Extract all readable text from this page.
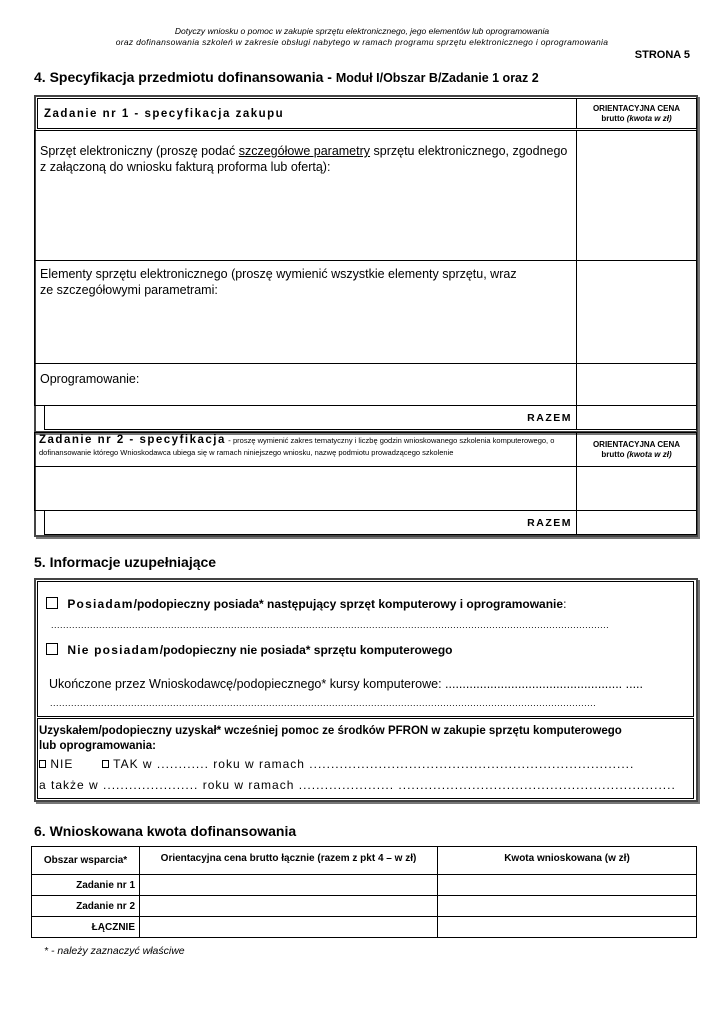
Dotyczy wniosku o pomoc w zakupie sprzętu elektronicznego, jego elementów lub oprogramowania
oraz dofinansowania szkoleń w zakresie obsługi nabytego w ramach programu sprzętu elektronicznego i oprogramowania
STRONA 5
4. Specyfikacja przedmiotu dofinansowania - Moduł I/Obszar B/Zadanie 1 oraz 2
Zadanie nr 1 - specyfikacja zakupu	ORIENTACYJNA CENA
brutto (kwota w zł)
Sprzęt elektroniczny (proszę podać szczegółowe parametry sprzętu elektronicznego, zgodnego
z załączoną do wniosku fakturą proforma lub ofertą):
Elementy sprzętu elektronicznego (proszę wymienić wszystkie elementy sprzętu, wraz
ze szczegółowymi parametrami:
Oprogramowanie:
RAZEM
Zadanie nr 2 - specyfikacja - proszę wymienić zakres tematyczny i liczbę godzin wnioskowanego szkolenia komputerowego, o dofinansowanie którego Wnioskodawca ubiega się w ramach niniejszego wniosku, nazwę podmiotu prowadzącego szkolenie
ORIENTACYJNA CENA
brutto (kwota w zł)
RAZEM
5. Informacje uzupełniające
Posiadam/podopieczny posiada* następujący sprzęt komputerowy i oprogramowanie:
..........................................................................................................................................................................................
Nie posiadam/podopieczny nie posiada* sprzętu komputerowego
Ukończone przez Wnioskodawcę/podopiecznego* kursy komputerowe: ................................................... .....
......................................................................................................................................................................................
Uzyskałem/podopieczny uzyskał* wcześniej pomoc ze środków PFRON w zakupie sprzętu komputerowego
lub oprogramowania:
NIE	TAK w ............ roku w ramach ...........................................................................
a także w ...................... roku w ramach ...................... ................................................................
6. Wnioskowana kwota dofinansowania
Obszar wsparcia*	Orientacyjna cena brutto łącznie (razem z pkt 4 – w zł)	Kwota wnioskowana (w zł)
Zadanie nr 1		
Zadanie nr 2		
ŁĄCZNIE		
* - należy zaznaczyć właściwe
